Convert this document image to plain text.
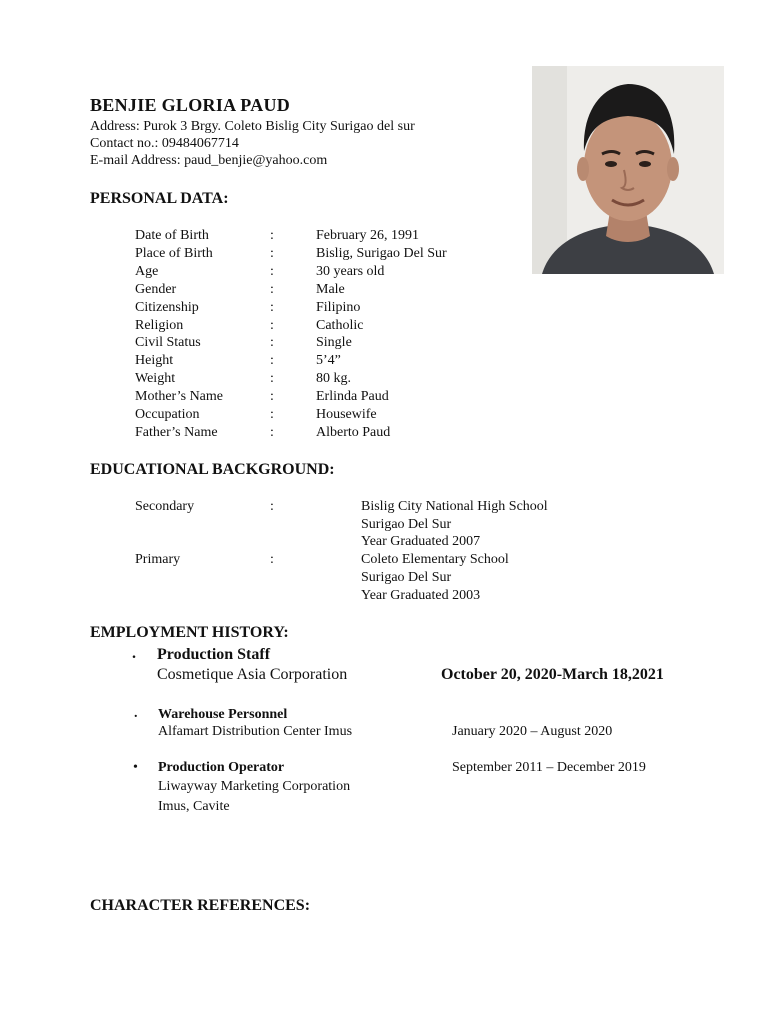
BENJIE GLORIA PAUD
Address: Purok 3 Brgy. Coleto Bislig City Surigao del sur
Contact no.: 09484067714
E-mail Address: paud_benjie@yahoo.com
PERSONAL DATA:
Date of Birth	:	February 26, 1991
Place of Birth	:	Bislig, Surigao Del Sur
Age	:	30 years old
Gender	:	Male
Citizenship	:	Filipino
Religion	:	Catholic
Civil Status	:	Single
Height	:	5’4”
Weight	:	80 kg.
Mother’s Name	:	Erlinda Paud
Occupation	:	Housewife
Father’s Name	:	Alberto Paud
EDUCATIONAL BACKGROUND:
Secondary	:	Bislig City National High School
Surigao Del Sur
Year Graduated 2007
Primary	:	Coleto Elementary School
Surigao Del Sur
Year Graduated 2003
EMPLOYMENT HISTORY:
. Production Staff
Cosmetique Asia Corporation	October 20, 2020-March 18,2021
. Warehouse Personnel
Alfamart Distribution Center Imus	January 2020 – August 2020
• Production Operator	September 2011 – December 2019
Liwayway Marketing Corporation
Imus, Cavite
CHARACTER REFERENCES:
